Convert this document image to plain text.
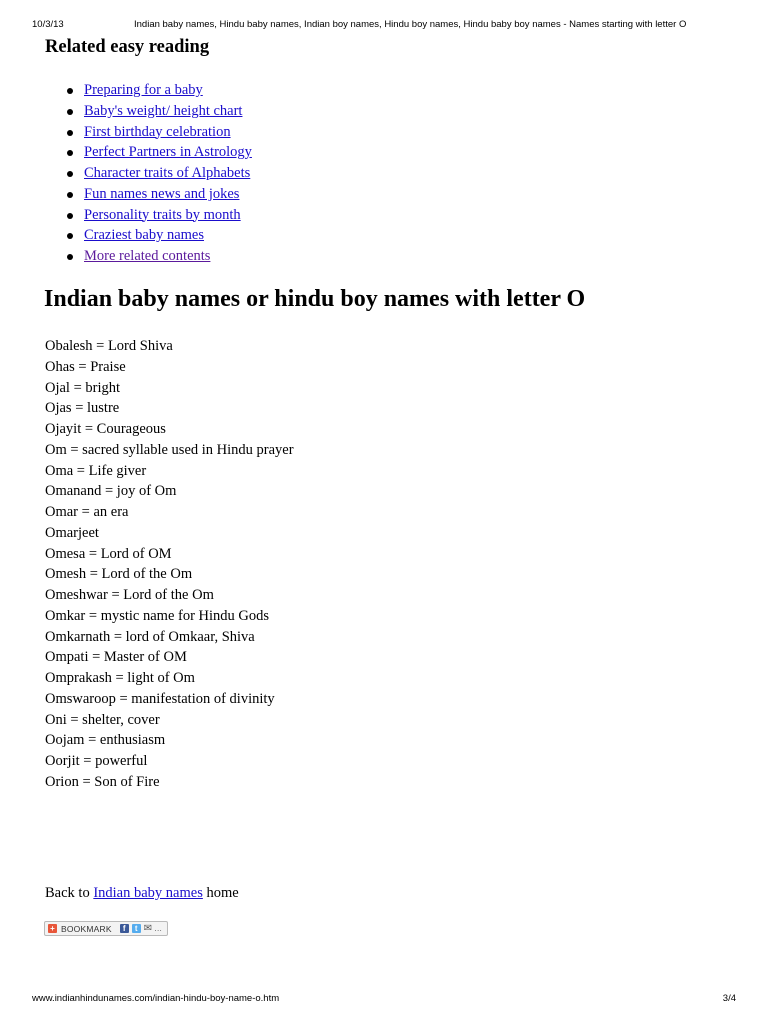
10/3/13	Indian baby names, Hindu baby names, Indian boy names, Hindu boy names, Hindu baby boy names - Names starting with letter O
Related easy reading
Preparing for a baby
Baby's weight/ height chart
First birthday celebration
Perfect Partners in Astrology
Character traits of Alphabets
Fun names news and jokes
Personality traits by month
Craziest baby names
More related contents
Indian baby names or hindu boy names with letter O
Obalesh = Lord Shiva
Ohas = Praise
Ojal = bright
Ojas = lustre
Ojayit = Courageous
Om = sacred syllable used in Hindu prayer
Oma = Life giver
Omanand = joy of Om
Omar = an era
Omarjeet
Omesa = Lord of OM
Omesh = Lord of the Om
Omeshwar = Lord of the Om
Omkar = mystic name for Hindu Gods
Omkarnath = lord of Omkaar, Shiva
Ompati = Master of OM
Omprakash = light of Om
Omswaroop = manifestation of divinity
Oni = shelter, cover
Oojam = enthusiasm
Oorjit = powerful
Orion = Son of Fire
Back to Indian baby names home
+ BOOKMARK	f	t ✉ …
www.indianhindunames.com/indian-hindu-boy-name-o.htm	3/4
